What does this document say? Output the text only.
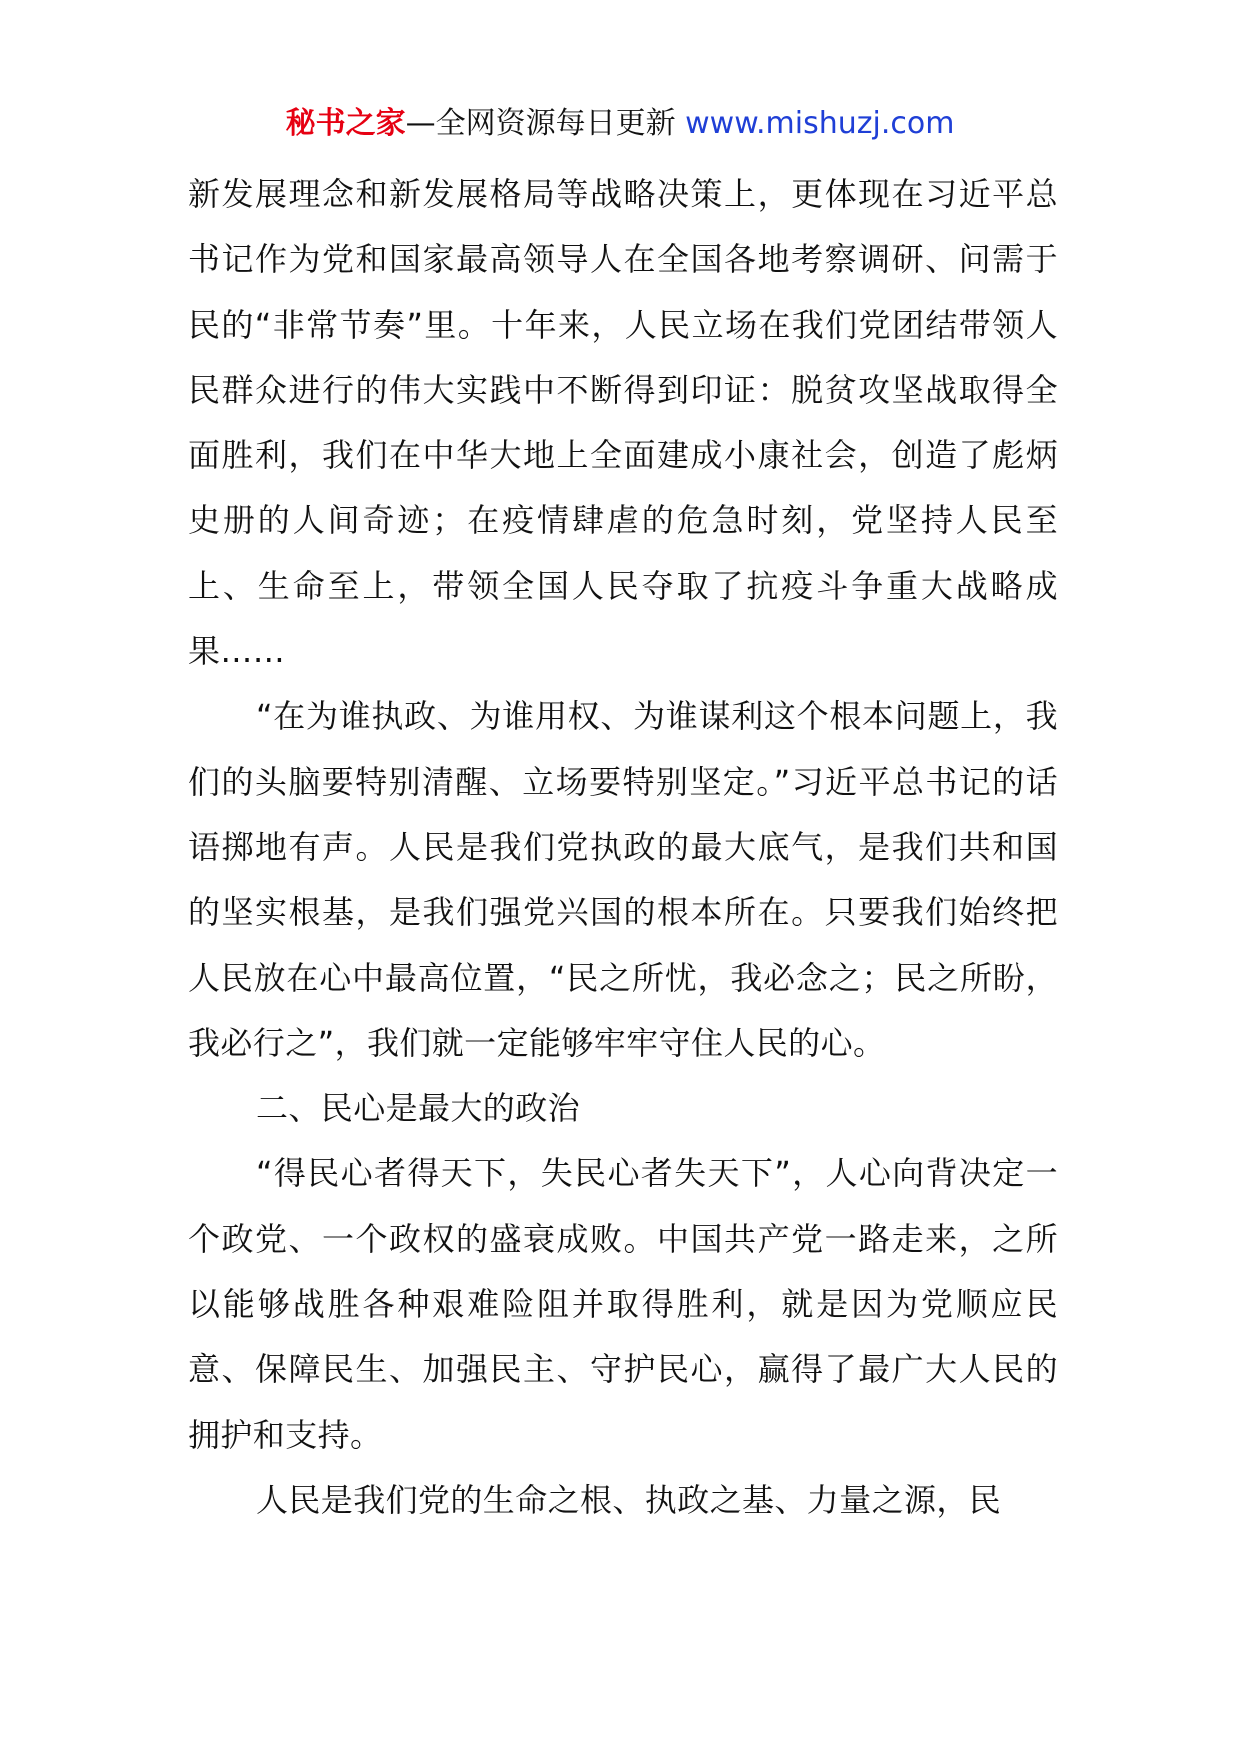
秘书之家—全网资源每日更新 www.mishuzj.com

新发展理念和新发展格局等战略决策上，更体现在习近平总书记作为党和国家最高领导人在全国各地考察调研、问需于民的“非常节奏”里。十年来，人民立场在我们党团结带领人民群众进行的伟大实践中不断得到印证：脱贫攻坚战取得全面胜利，我们在中华大地上全面建成小康社会，创造了彪炳史册的人间奇迹；在疫情肆虐的危急时刻，党坚持人民至上、生命至上，带领全国人民夺取了抗疫斗争重大战略成果……

“在为谁执政、为谁用权、为谁谋利这个根本问题上，我们的头脑要特别清醒、立场要特别坚定。”习近平总书记的话语掷地有声。人民是我们党执政的最大底气，是我们共和国的坚实根基，是我们强党兴国的根本所在。只要我们始终把人民放在心中最高位置，“民之所忧，我必念之；民之所盼，我必行之”，我们就一定能够牢牢守住人民的心。

二、民心是最大的政治

“得民心者得天下，失民心者失天下”，人心向背决定一个政党、一个政权的盛衰成败。中国共产党一路走来，之所以能够战胜各种艰难险阻并取得胜利，就是因为党顺应民意、保障民生、加强民主、守护民心，赢得了最广大人民的拥护和支持。

人民是我们党的生命之根、执政之基、力量之源，民
